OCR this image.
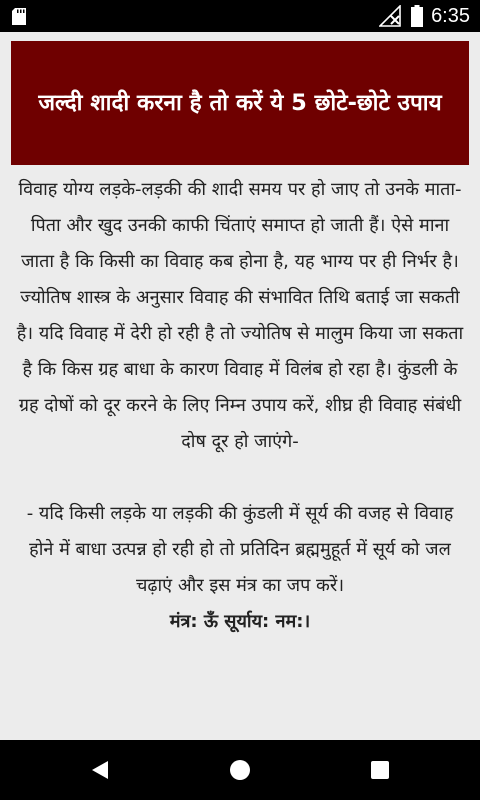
6:35
जल्दी शादी करना है तो करें ये 5 छोटे-छोटे उपाय

विवाह योग्य लड़के-लड़की की शादी समय पर हो जाए तो उनके माता-पिता और खुद उनकी काफी चिंताएं समाप्त हो जाती हैं। ऐसे माना जाता है कि किसी का विवाह कब होना है, यह भाग्य पर ही निर्भर है। ज्योतिष शास्त्र के अनुसार विवाह की संभावित तिथि बताई जा सकती है। यदि विवाह में देरी हो रही है तो ज्योतिष से मालुम किया जा सकता है कि किस ग्रह बाधा के कारण विवाह में विलंब हो रहा है। कुंडली के ग्रह दोषों को दूर करने के लिए निम्न उपाय करें, शीघ्र ही विवाह संबंधी दोष दूर हो जाएंगे-

- यदि किसी लड़के या लड़की की कुंडली में सूर्य की वजह से विवाह होने में बाधा उत्पन्न हो रही हो तो प्रतिदिन ब्रह्ममुहूर्त में सूर्य को जल चढ़ाएं और इस मंत्र का जप करें।

मंत्र: ऊँ सूर्याय: नम:।
